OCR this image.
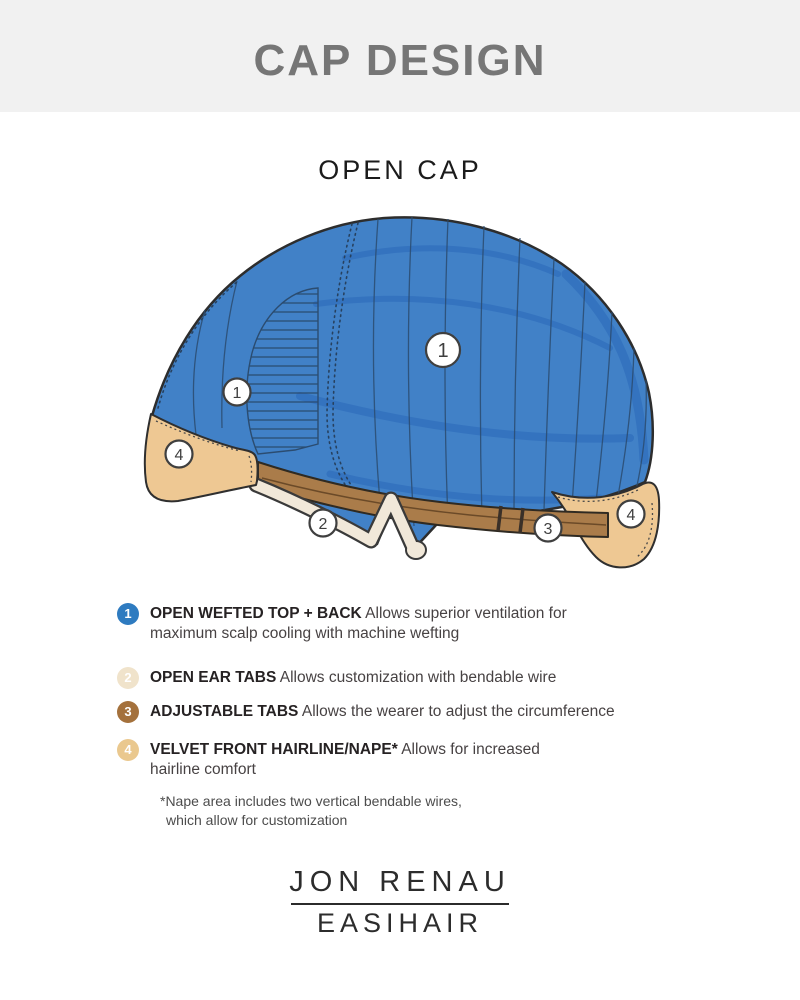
CAP DESIGN
OPEN CAP
1
1
2	3
4
4
1	OPEN WEFTED TOP + BACK Allows superior ventilation for
maximum scalp cooling with machine wefting
2	OPEN EAR TABS Allows customization with bendable wire
3	ADJUSTABLE TABS Allows the wearer to adjust the circumference
4	VELVET FRONT HAIRLINE/NAPE* Allows for increased
hairline comfort
*Nape area includes two vertical bendable wires,
which allow for customization
JON RENAU
EASIHAIR
